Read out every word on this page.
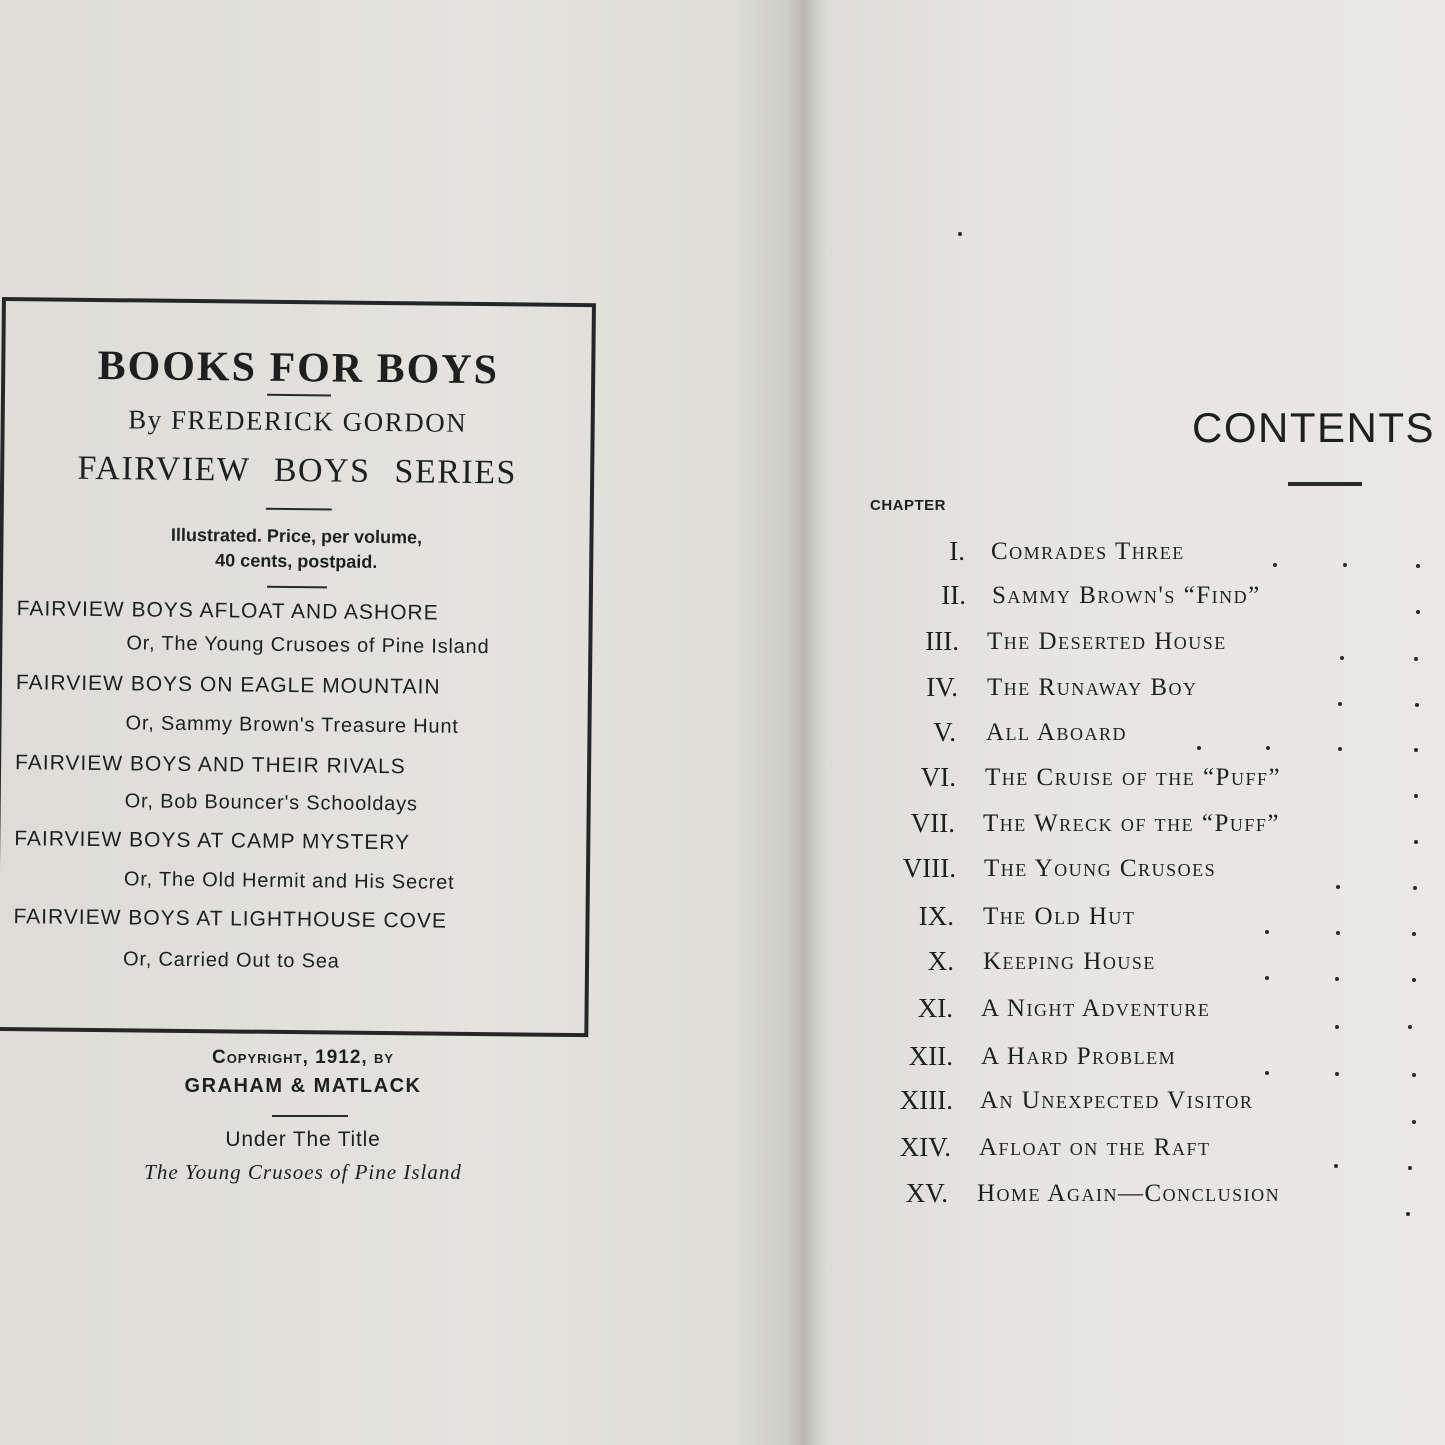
BOOKS FOR BOYS
By FREDERICK GORDON
FAIRVIEW BOYS SERIES
Illustrated. Price, per volume,
40 cents, postpaid.
FAIRVIEW BOYS AFLOAT AND ASHORE
Or, The Young Crusoes of Pine Island
FAIRVIEW BOYS ON EAGLE MOUNTAIN
Or, Sammy Brown's Treasure Hunt
FAIRVIEW BOYS AND THEIR RIVALS
Or, Bob Bouncer's Schooldays
FAIRVIEW BOYS AT CAMP MYSTERY
Or, The Old Hermit and His Secret
FAIRVIEW BOYS AT LIGHTHOUSE COVE
Or, Carried Out to Sea
Copyright, 1912, by
GRAHAM & MATLACK
Under The Title
The Young Crusoes of Pine Island
CONTENTS
CHAPTER
I. Comrades Three
II. Sammy Brown's “Find”
III. The Deserted House
IV. The Runaway Boy
V. All Aboard
VI. The Cruise of the “Puff”
VII. The Wreck of the “Puff”
VIII. The Young Crusoes
IX. The Old Hut
X. Keeping House
XI. A Night Adventure
XII. A Hard Problem
XIII. An Unexpected Visitor
XIV. Afloat on the Raft
XV. Home Again—Conclusion
